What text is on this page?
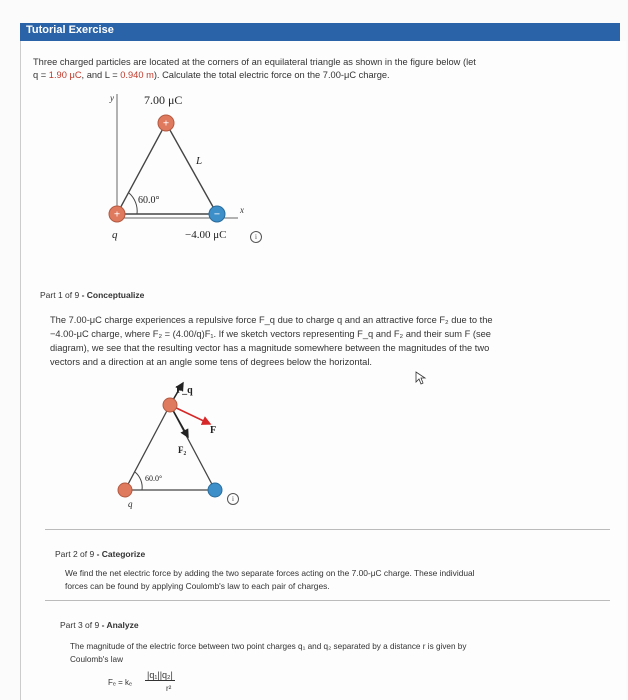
Tutorial Exercise
Three charged particles are located at the corners of an equilateral triangle as shown in the figure below (let
q = 1.90 μC, and L = 0.940 m). Calculate the total electric force on the 7.00-μC charge.
+
+	−
y
x
7.00 μC
L
60.0°
q	−4.00 μC	i
Part 1 of 9 - Conceptualize
The 7.00-μC charge experiences a repulsive force F_q due to charge q and an attractive force F₂ due to the
−4.00-μC charge, where F₂ = (4.00/q)F₁. If we sketch vectors representing F_q and F₂ and their sum F (see
diagram), we see that the resulting vector has a magnitude somewhere between the magnitudes of the two
vectors and a direction at an angle some tens of degrees below the horizontal.
F_q
F
F₂
60.0°
q	i
Part 2 of 9 - Categorize
We find the net electric force by adding the two separate forces acting on the 7.00-μC charge. These individual
forces can be found by applying Coulomb's law to each pair of charges.
Part 3 of 9 - Analyze
The magnitude of the electric force between two point charges q₁ and q₂ separated by a distance r is given by
Coulomb's law
Fₑ = kₑ
|q₁||q₂|
r²
